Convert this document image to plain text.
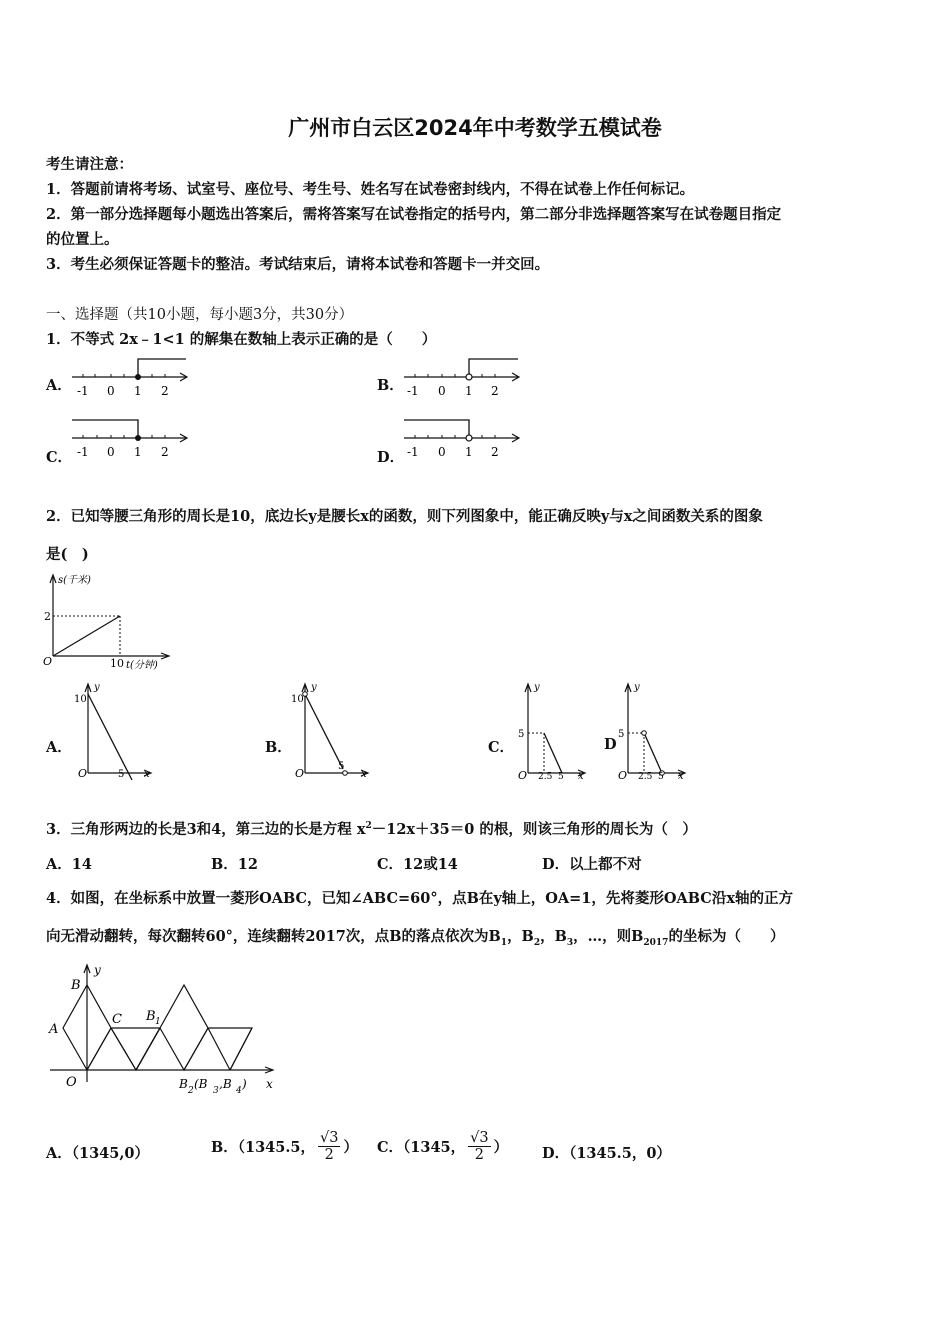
广州市白云区2024年中考数学五模试卷
考生请注意：
1．答题前请将考场、试室号、座位号、考生号、姓名写在试卷密封线内，不得在试卷上作任何标记。
2．第一部分选择题每小题选出答案后，需将答案写在试卷指定的括号内，第二部分非选择题答案写在试卷题目指定
的位置上。
3．考生必须保证答题卡的整洁。考试结束后，请将本试卷和答题卡一并交回。
一、选择题（共10小题，每小题3分，共30分）
1．不等式 2x﹣1<1 的解集在数轴上表示正确的是（　　）
A．	B．
C．	D．
-1 0 1 2	-1 0 1 2
-1 0 1 2	-1 0 1 2
2．已知等腰三角形的周长是10，底边长y是腰长x的函数，则下列图象中，能正确反映y与x之间函数关系的图象
是(　)
s(千米)
2
O	10 t(分钟)
A．	B．	C．	D
y
10
O	5 x
y
10
O
5
x
y
5
O 2.5 5 x
y
5
O 2.5 5 x
3．三角形两边的长是3和4，第三边的长是方程 $x^2-12x+35=0$ 的根，则该三角形的周长为（　）
A．14	B．12	C．12或14	D．以上都不对
4．如图，在坐标系中放置一菱形OABC，已知∠ABC=60°，点B在y轴上，OA=1，先将菱形OABC沿x轴的正方
向无滑动翻转，每次翻转60°，连续翻转2017次，点B的落点依次为$B_1$，$B_2$，$B_3$，…，则$B_{2017}$的坐标为（　　）
y
B
A
C
O
B 1
B 2 (B 3 ,B 4 ) x
A．（1345,0）	B．（1345.5， $\frac{√3}{2}$ ） C．（1345， $\frac{√3}{2}$ ） D．（1345.5，0）
